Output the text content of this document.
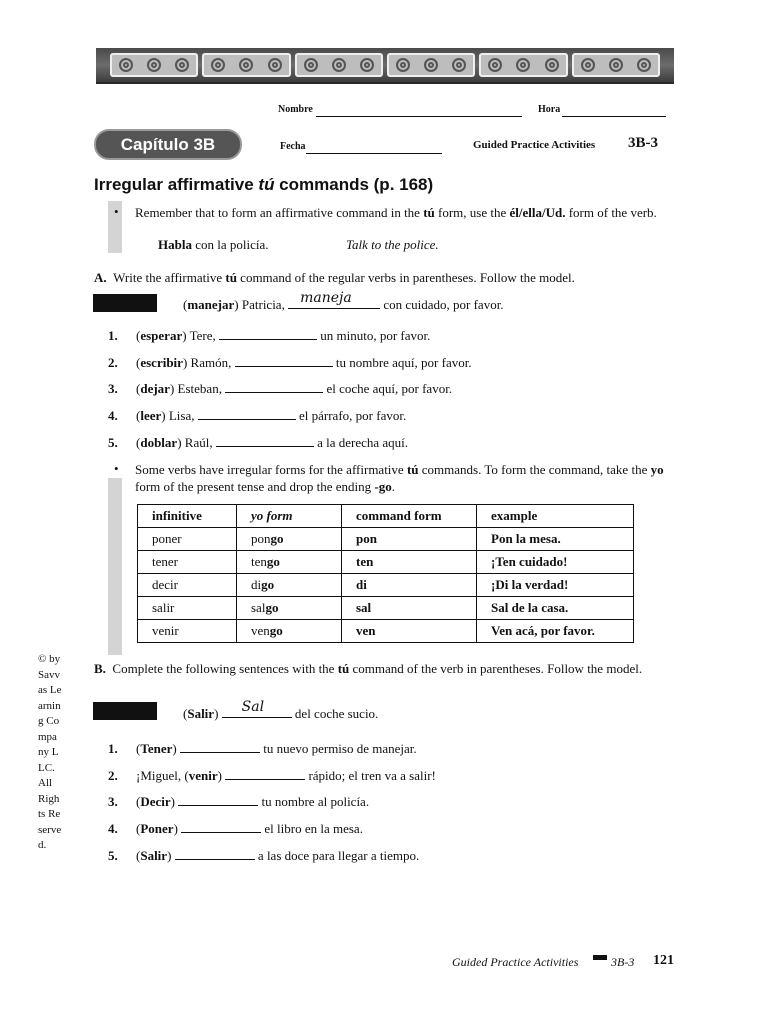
Nombre	Hora
Capítulo 3B	Fecha	Guided Practice Activities 3B-3
Irregular affirmative tú commands (p. 168)
• Remember that to form an affirmative command in the tú form, use the él/ella/Ud. form of the verb.
Habla con la policía.	Talk to the police.
A. Write the affirmative tú command of the regular verbs in parentheses. Follow the model.
(manejar) Patricia, maneja con cuidado, por favor.
1. (esperar) Tere,	un minuto, por favor.
2. (escribir) Ramón,	tu nombre aquí, por favor.
3. (dejar) Esteban,	el coche aquí, por favor.
4. (leer) Lisa,	el párrafo, por favor.
5. (doblar) Raúl,	a la derecha aquí.
• Some verbs have irregular forms for the affirmative tú commands. To form the command, take the yo form of the present tense and drop the ending -go.
infinitive	yo form	command form	example
poner	pongo	pon	Pon la mesa.
tener	tengo	ten	¡Ten cuidado!
decir	digo	di	¡Di la verdad!
salir	salgo	sal	Sal de la casa.
venir	vengo	ven	Ven acá, por favor.
© by Savvas Learning Company LLC. All Rights Reserved.
B. Complete the following sentences with the tú command of the verb in parentheses. Follow the model.
(Salir) Sal del coche sucio.
1. (Tener)	tu nuevo permiso de manejar.
2. ¡Miguel, (venir)	rápido; el tren va a salir!
3. (Decir)	tu nombre al policía.
4. (Poner)	el libro en la mesa.
5. (Salir)	a las doce para llegar a tiempo.
Guided Practice Activities	3B-3 121
